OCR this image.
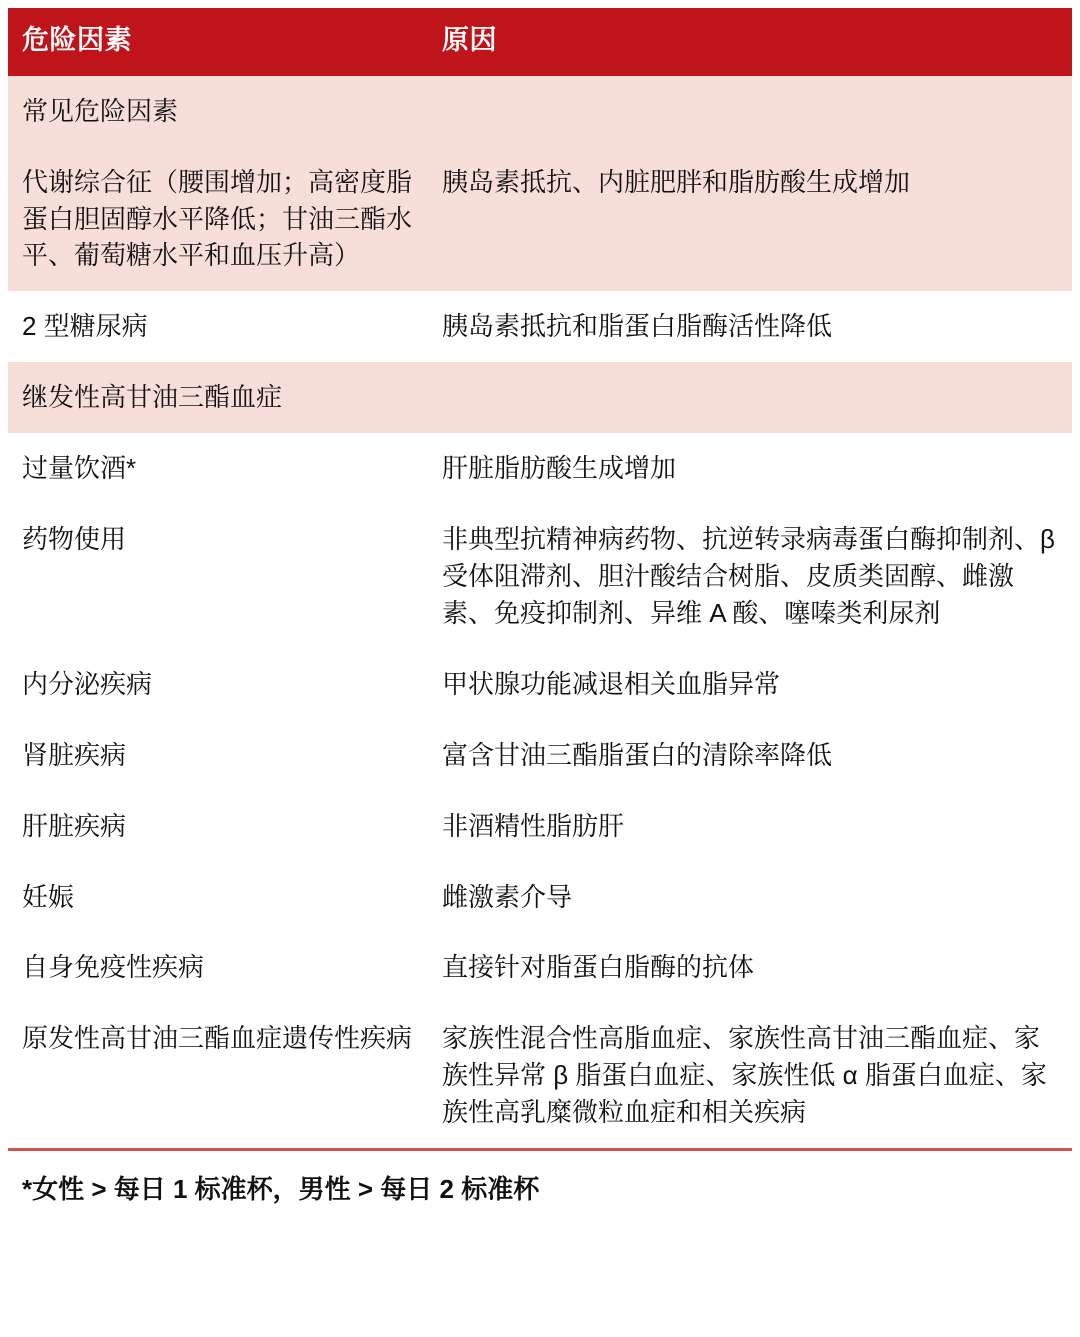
危险因素	原因
常见危险因素	
代谢综合征（腰围增加；高密度脂蛋白胆固醇水平降低；甘油三酯水平、葡萄糖水平和血压升高）	胰岛素抵抗、内脏肥胖和脂肪酸生成增加
2 型糖尿病	胰岛素抵抗和脂蛋白脂酶活性降低
继发性高甘油三酯血症	
过量饮酒*	肝脏脂肪酸生成增加
药物使用	非典型抗精神病药物、抗逆转录病毒蛋白酶抑制剂、β 受体阻滞剂、胆汁酸结合树脂、皮质类固醇、雌激素、免疫抑制剂、异维 A 酸、噻嗪类利尿剂
内分泌疾病	甲状腺功能减退相关血脂异常
肾脏疾病	富含甘油三酯脂蛋白的清除率降低
肝脏疾病	非酒精性脂肪肝
妊娠	雌激素介导
自身免疫性疾病	直接针对脂蛋白脂酶的抗体
原发性高甘油三酯血症遗传性疾病	家族性混合性高脂血症、家族性高甘油三酯血症、家族性异常 β 脂蛋白血症、家族性低 α 脂蛋白血症、家族性高乳糜微粒血症和相关疾病
*女性 > 每日 1 标准杯，男性 > 每日 2 标准杯	
